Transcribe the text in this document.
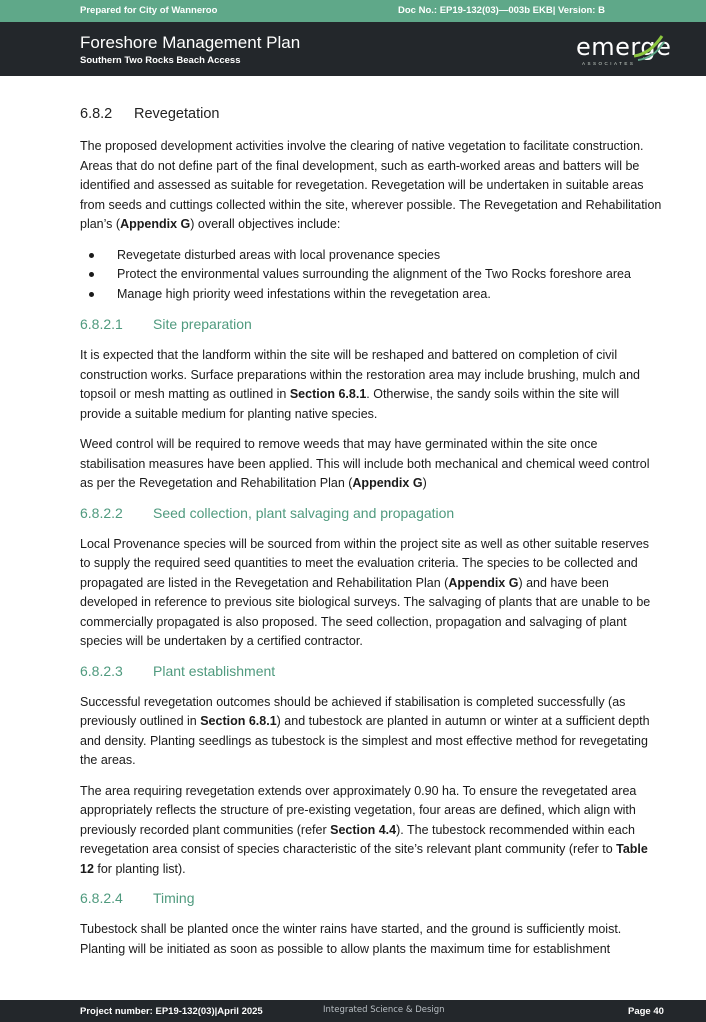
Prepared for City of Wanneroo	Doc No.: EP19-132(03)—003b EKB| Version: B
Foreshore Management Plan
Southern Two Rocks Beach Access	emerge
ASSOCIATES
6.8.2 Revegetation

The proposed development activities involve the clearing of native vegetation to facilitate construction. Areas that do not define part of the final development, such as earth-worked areas and batters will be identified and assessed as suitable for revegetation. Revegetation will be undertaken in suitable areas from seeds and cuttings collected within the site, wherever possible. The Revegetation and Rehabilitation plan’s (Appendix G) overall objectives include:

Revegetate disturbed areas with local provenance species
Protect the environmental values surrounding the alignment of the Two Rocks foreshore area
Manage high priority weed infestations within the revegetation area.
6.8.2.1 Site preparation

It is expected that the landform within the site will be reshaped and battered on completion of civil construction works. Surface preparations within the restoration area may include brushing, mulch and topsoil or mesh matting as outlined in Section 6.8.1. Otherwise, the sandy soils within the site will provide a suitable medium for planting native species.

Weed control will be required to remove weeds that may have germinated within the site once stabilisation measures have been applied. This will include both mechanical and chemical weed control as per the Revegetation and Rehabilitation Plan (Appendix G)

6.8.2.2 Seed collection, plant salvaging and propagation

Local Provenance species will be sourced from within the project site as well as other suitable reserves to supply the required seed quantities to meet the evaluation criteria. The species to be collected and propagated are listed in the Revegetation and Rehabilitation Plan (Appendix G) and have been developed in reference to previous site biological surveys. The salvaging of plants that are unable to be commercially propagated is also proposed. The seed collection, propagation and salvaging of plant species will be undertaken by a certified contractor.

6.8.2.3 Plant establishment

Successful revegetation outcomes should be achieved if stabilisation is completed successfully (as previously outlined in Section 6.8.1) and tubestock are planted in autumn or winter at a sufficient depth and density. Planting seedlings as tubestock is the simplest and most effective method for revegetating the areas.

The area requiring revegetation extends over approximately 0.90 ha. To ensure the revegetated area appropriately reflects the structure of pre-existing vegetation, four areas are defined, which align with previously recorded plant communities (refer Section 4.4). The tubestock recommended within each revegetation area consist of species characteristic of the site’s relevant plant community (refer to Table 12 for planting list).

6.8.2.4 Timing

Tubestock shall be planted once the winter rains have started, and the ground is sufficiently moist. Planting will be initiated as soon as possible to allow plants the maximum time for establishment

Project number: EP19-132(03)|April 2025	Integrated Science & Design	Page 40
